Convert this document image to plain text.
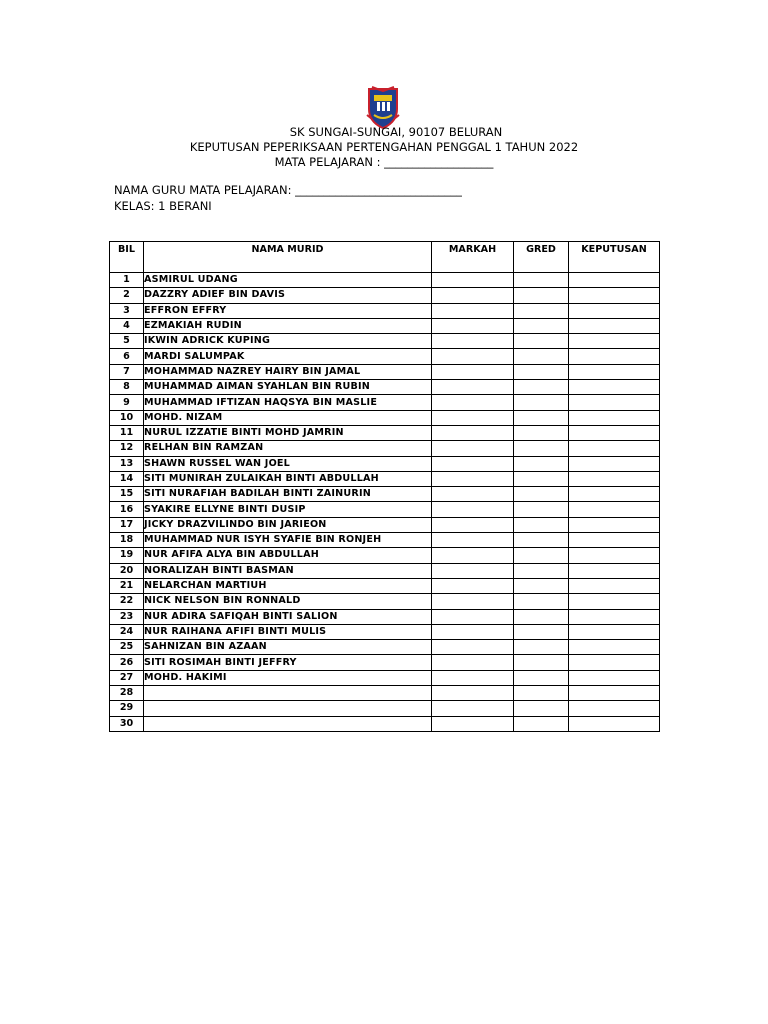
SK SUNGAI-SUNGAI, 90107 BELURAN
KEPUTUSAN PEPERIKSAAN PERTENGAHAN PENGGAL 1 TAHUN 2022
MATA PELAJARAN : ___________________
NAMA GURU MATA PELAJARAN: _____________________________
KELAS: 1 BERANI
BIL	NAMA MURID	MARKAH	GRED	KEPUTUSAN
1	ASMIRUL UDANG			
2	DAZZRY ADIEF BIN DAVIS			
3	EFFRON EFFRY			
4	EZMAKIAH RUDIN			
5	IKWIN ADRICK KUPING			
6	MARDI SALUMPAK			
7	MOHAMMAD NAZREY HAIRY BIN JAMAL			
8	MUHAMMAD AIMAN SYAHLAN BIN RUBIN			
9	MUHAMMAD IFTIZAN HAQSYA BIN MASLIE			
10	MOHD. NIZAM			
11	NURUL IZZATIE BINTI MOHD JAMRIN			
12	RELHAN BIN RAMZAN			
13	SHAWN RUSSEL WAN JOEL			
14	SITI MUNIRAH ZULAIKAH BINTI ABDULLAH			
15	SITI NURAFIAH BADILAH BINTI ZAINURIN			
16	SYAKIRE ELLYNE BINTI DUSIP			
17	JICKY DRAZVILINDO BIN JARIEON			
18	MUHAMMAD NUR ISYH SYAFIE BIN RONJEH			
19	NUR AFIFA ALYA BIN ABDULLAH			
20	NORALIZAH BINTI BASMAN			
21	NELARCHAN MARTIUH			
22	NICK NELSON BIN RONNALD			
23	NUR ADIRA SAFIQAH BINTI SALION			
24	NUR RAIHANA AFIFI BINTI MULIS			
25	SAHNIZAN BIN AZAAN			
26	SITI ROSIMAH BINTI JEFFRY			
27	MOHD. HAKIMI			
28				
29				
30				
